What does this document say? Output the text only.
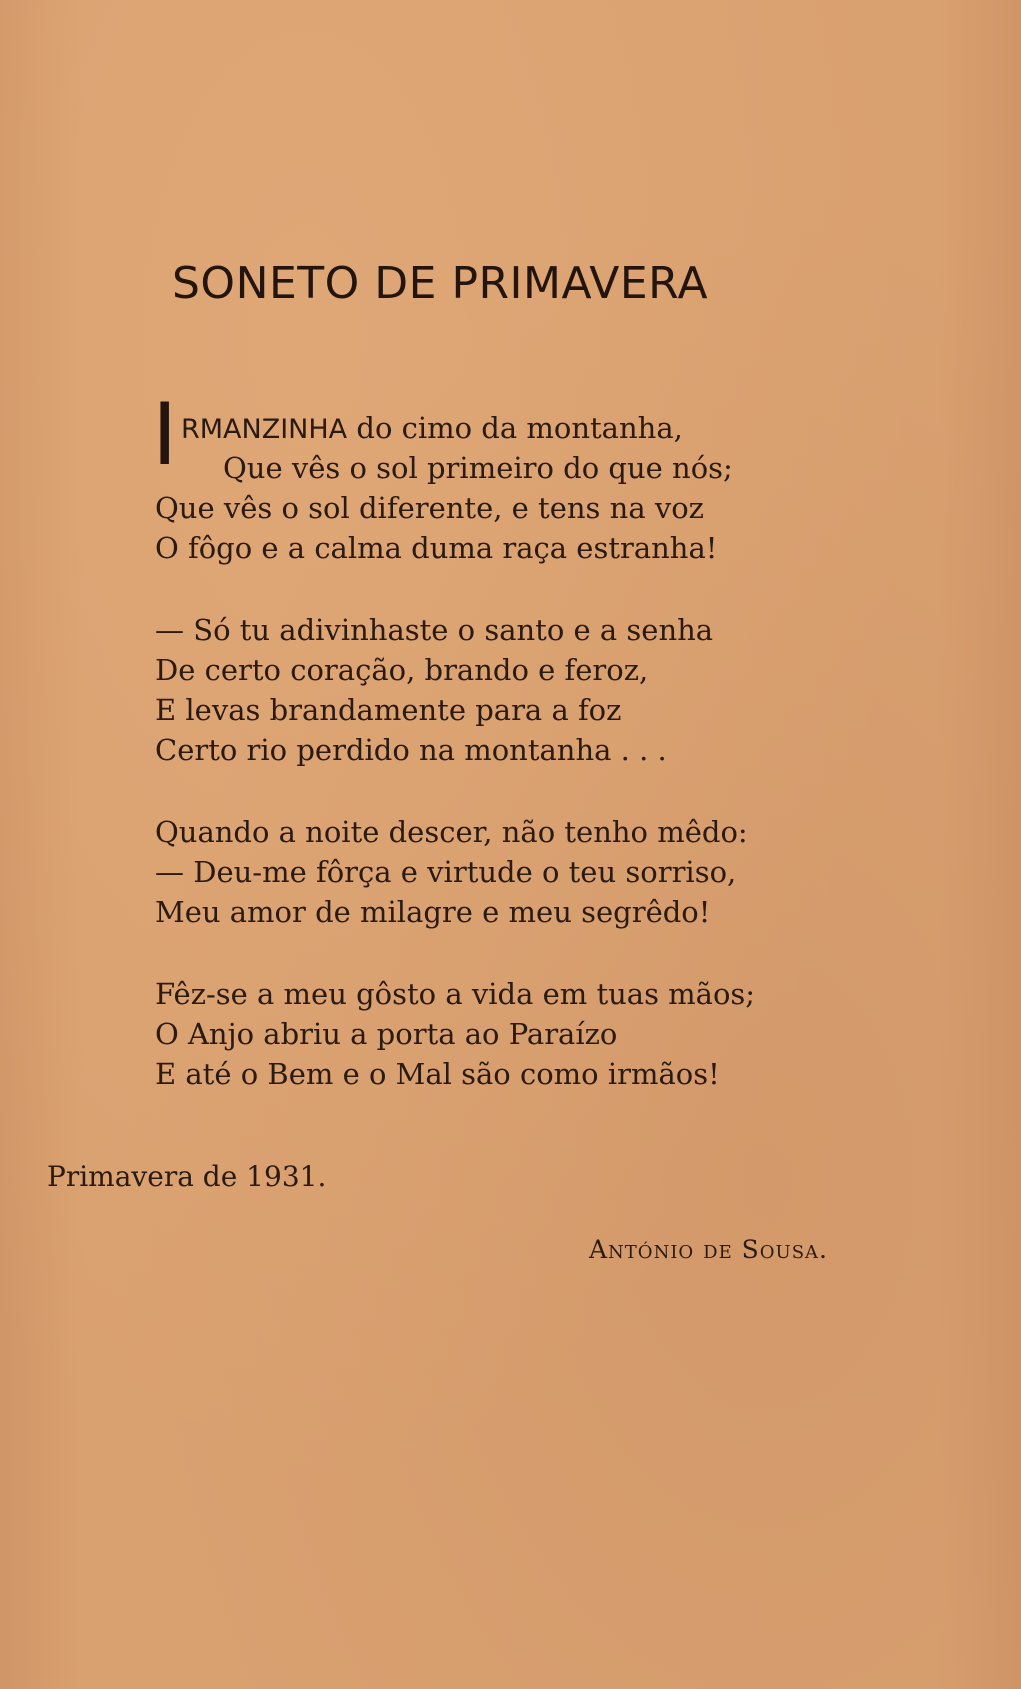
SONETO DE PRIMAVERA
I RMANZINHA do cimo da montanha,
Que vês o sol primeiro do que nós;
Que vês o sol diferente, e tens na voz
O fôgo e a calma duma raça estranha!
— Só tu adivinhaste o santo e a senha
De certo coração, brando e feroz,
E levas brandamente para a foz
Certo rio perdido na montanha . . .
Quando a noite descer, não tenho mêdo:
— Deu-me fôrça e virtude o teu sorriso,
Meu amor de milagre e meu segrêdo!
Fêz-se a meu gôsto a vida em tuas mãos;
O Anjo abriu a porta ao Paraízo
E até o Bem e o Mal são como irmãos!
Primavera de 1931.
António de Sousa.
